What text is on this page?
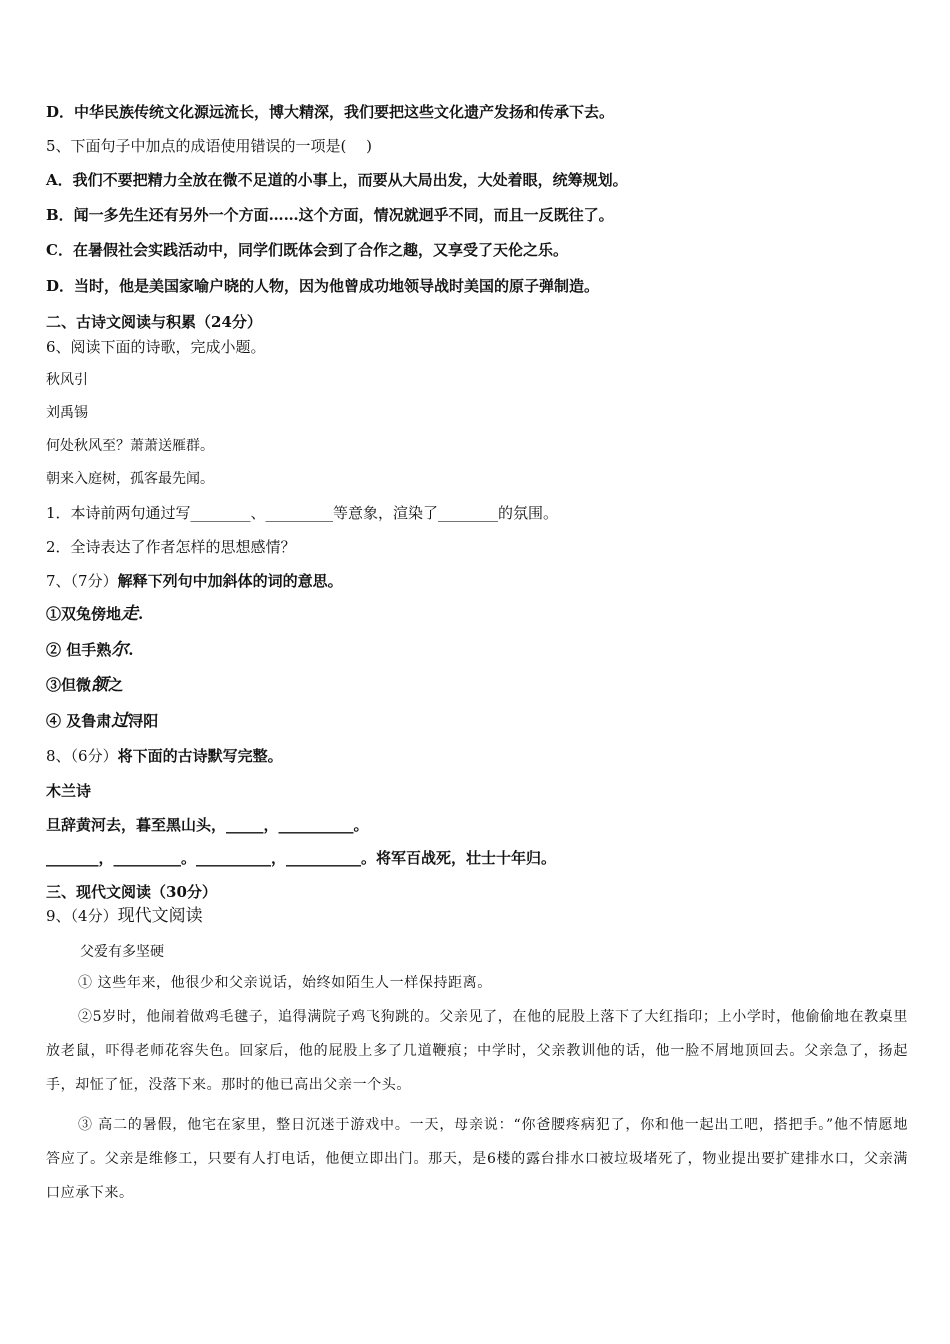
D．中华民族传统文化源远流长，博大精深，我们要把这些文化遗产发扬和传承下去。
5、下面句子中加点的成语使用错误的一项是(　 )
A．我们不要把精力全放在微不足道的小事上，而要从大局出发，大处着眼，统筹规划。
B．闻一多先生还有另外一个方面……这个方面，情况就迥乎不同，而且一反既往了。
C．在暑假社会实践活动中，同学们既体会到了合作之趣，又享受了天伦之乐。
D．当时，他是美国家喻户晓的人物，因为他曾成功地领导战时美国的原子弹制造。
二、古诗文阅读与积累（24分）
6、阅读下面的诗歌，完成小题。
秋风引
刘禹锡
何处秋风至？萧萧送雁群。
朝来入庭树，孤客最先闻。
1．本诗前两句通过写________、_________等意象，渲染了________的氛围。
2．全诗表达了作者怎样的思想感情？
7、（7分）解释下列句中加斜体的词的意思。
①双兔傍地走.
② 但手熟尔.
③但微颔之
④ 及鲁肃过浔阳
8、（6分）将下面的古诗默写完整。
木兰诗
旦辞黄河去，暮至黑山头，_____，__________。
_______，_________。__________，__________。将军百战死，壮士十年归。
三、现代文阅读（30分）
9、（4分）现代文阅读
父爱有多坚硬
① 这些年来，他很少和父亲说话，始终如陌生人一样保持距离。
②5岁时，他闹着做鸡毛毽子，追得满院子鸡飞狗跳的。父亲见了，在他的屁股上落下了大红指印；上小学时，他偷偷地在教桌里放老鼠，吓得老师花容失色。回家后，他的屁股上多了几道鞭痕；中学时，父亲教训他的话，他一脸不屑地顶回去。父亲急了，扬起手，却怔了怔，没落下来。那时的他已高出父亲一个头。
③ 高二的暑假，他宅在家里，整日沉迷于游戏中。一天，母亲说：“你爸腰疼病犯了，你和他一起出工吧，搭把手。”他不情愿地答应了。父亲是维修工，只要有人打电话，他便立即出门。那天，是6楼的露台排水口被垃圾堵死了，物业提出要扩建排水口，父亲满口应承下来。
